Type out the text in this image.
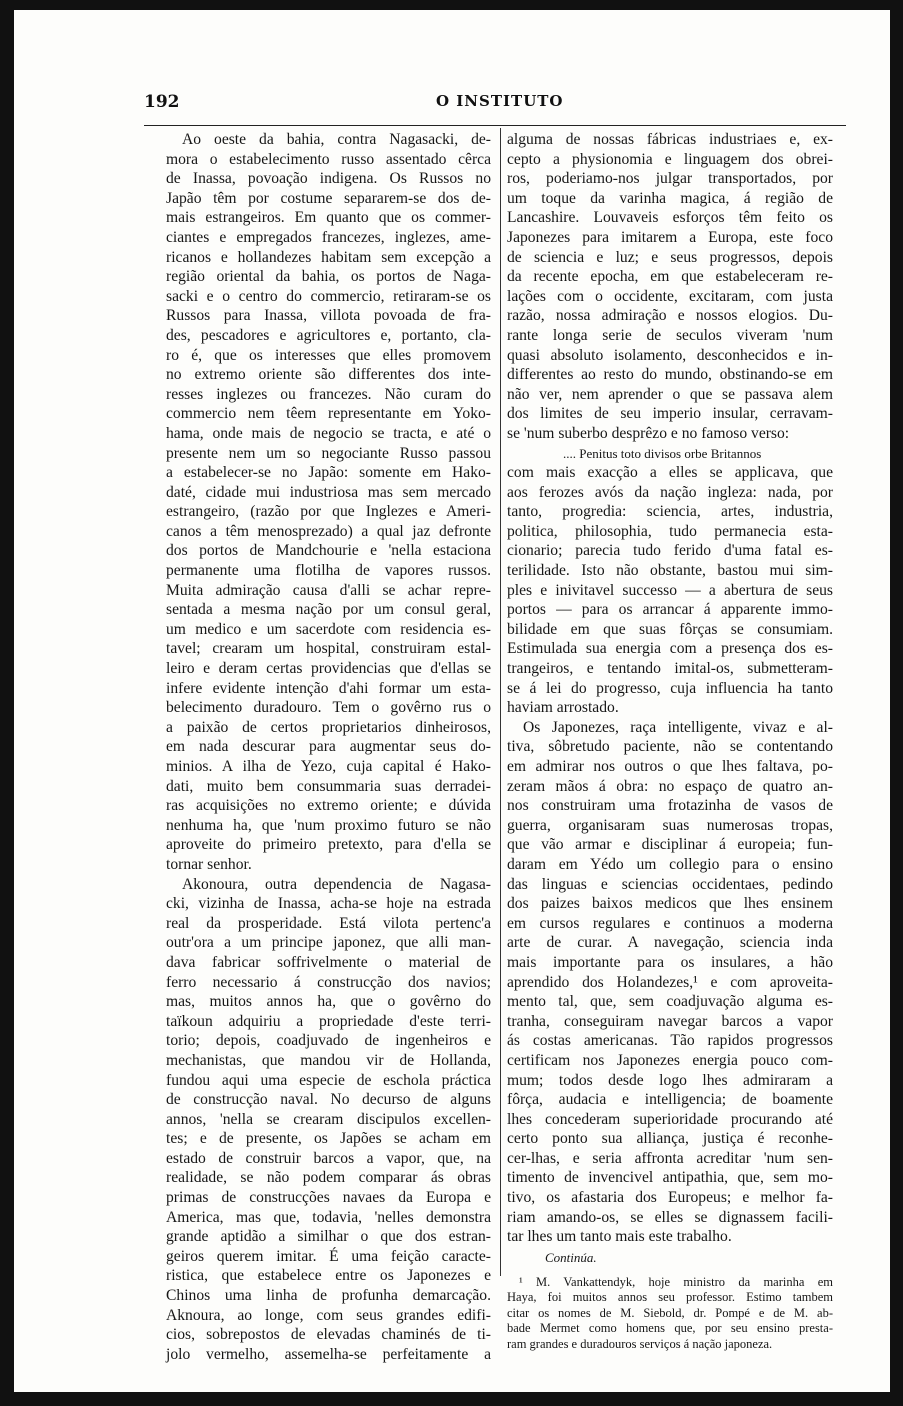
192	O INSTITUTO
Ao oeste da bahia, contra Nagasacki, de-
mora o estabelecimento russo assentado cêrca
de Inassa, povoação indigena. Os Russos no
Japão têm por costume separarem-se dos de-
mais estrangeiros. Em quanto que os commer-
ciantes e empregados francezes, inglezes, ame-
ricanos e hollandezes habitam sem excepção a
região oriental da bahia, os portos de Naga-
sacki e o centro do commercio, retiraram-se os
Russos para Inassa, villota povoada de fra-
des, pescadores e agricultores e, portanto, cla-
ro é, que os interesses que elles promovem
no extremo oriente são differentes dos inte-
resses inglezes ou francezes. Não curam do
commercio nem têem representante em Yoko-
hama, onde mais de negocio se tracta, e até o
presente nem um so negociante Russo passou
a estabelecer-se no Japão: somente em Hako-
daté, cidade mui industriosa mas sem mercado
estrangeiro, (razão por que Inglezes e Ameri-
canos a têm menosprezado) a qual jaz defronte
dos portos de Mandchourie e 'nella estaciona
permanente uma flotilha de vapores russos.
Muita admiração causa d'alli se achar repre-
sentada a mesma nação por um consul geral,
um medico e um sacerdote com residencia es-
tavel; crearam um hospital, construiram estal-
leiro e deram certas providencias que d'ellas se
infere evidente intenção d'ahi formar um esta-
belecimento duradouro. Tem o govêrno rus o
a paixão de certos proprietarios dinheirosos,
em nada descurar para augmentar seus do-
minios. A ilha de Yezo, cuja capital é Hako-
dati, muito bem consummaria suas derradei-
ras acquisições no extremo oriente; e dúvida
nenhuma ha, que 'num proximo futuro se não
aproveite do primeiro pretexto, para d'ella se
tornar senhor.
Akonoura, outra dependencia de Nagasa-
cki, vizinha de Inassa, acha-se hoje na estrada
real da prosperidade. Está vilota pertenc'a
outr'ora a um principe japonez, que alli man-
dava fabricar soffrivelmente o material de
ferro necessario á construcção dos navios;
mas, muitos annos ha, que o govêrno do
taïkoun adquiriu a propriedade d'este terri-
torio; depois, coadjuvado de ingenheiros e
mechanistas, que mandou vir de Hollanda,
fundou aqui uma especie de eschola práctica
de construcção naval. No decurso de alguns
annos, 'nella se crearam discipulos excellen-
tes; e de presente, os Japões se acham em
estado de construir barcos a vapor, que, na
realidade, se não podem comparar ás obras
primas de construcções navaes da Europa e
America, mas que, todavia, 'nelles demonstra
grande aptidão a similhar o que dos estran-
geiros querem imitar. É uma feição caracte-
ristica, que estabelece entre os Japonezes e
Chinos uma linha de profunha demarcação.
Aknoura, ao longe, com seus grandes edifi-
cios, sobrepostos de elevadas chaminés de ti-
jolo vermelho, assemelha-se perfeitamente a
alguma de nossas fábricas industriaes e, ex-
cepto a physionomia e linguagem dos obrei-
ros, poderiamo-nos julgar transportados, por
um toque da varinha magica, á região de
Lancashire. Louvaveis esforços têm feito os
Japonezes para imitarem a Europa, este foco
de sciencia e luz; e seus progressos, depois
da recente epocha, em que estabeleceram re-
lações com o occidente, excitaram, com justa
razão, nossa admiração e nossos elogios. Du-
rante longa serie de seculos viveram 'num
quasi absoluto isolamento, desconhecidos e in-
differentes ao resto do mundo, obstinando-se em
não ver, nem aprender o que se passava alem
dos limites de seu imperio insular, cerravam-
se 'num suberbo desprêzo e no famoso verso:
.... Penitus toto divisos orbe Britannos
com mais exacção a elles se applicava, que
aos ferozes avós da nação ingleza: nada, por
tanto, progredia: sciencia, artes, industria,
politica, philosophia, tudo permanecia esta-
cionario; parecia tudo ferido d'uma fatal es-
terilidade. Isto não obstante, bastou mui sim-
ples e inivitavel successo — a abertura de seus
portos — para os arrancar á apparente immo-
bilidade em que suas fôrças se consumiam.
Estimulada sua energia com a presença dos es-
trangeiros, e tentando imital-os, submetteram-
se á lei do progresso, cuja influencia ha tanto
haviam arrostado.
Os Japonezes, raça intelligente, vivaz e al-
tiva, sôbretudo paciente, não se contentando
em admirar nos outros o que lhes faltava, po-
zeram mãos á obra: no espaço de quatro an-
nos construiram uma frotazinha de vasos de
guerra, organisaram suas numerosas tropas,
que vão armar e disciplinar á europeia; fun-
daram em Yédo um collegio para o ensino
das linguas e sciencias occidentaes, pedindo
dos paizes baixos medicos que lhes ensinem
em cursos regulares e continuos a moderna
arte de curar. A navegação, sciencia inda
mais importante para os insulares, a hão
aprendido dos Holandezes,¹ e com aproveita-
mento tal, que, sem coadjuvação alguma es-
tranha, conseguiram navegar barcos a vapor
ás costas americanas. Tão rapidos progressos
certificam nos Japonezes energia pouco com-
mum; todos desde logo lhes admiraram a
fôrça, audacia e intelligencia; de boamente
lhes concederam superioridade procurando até
certo ponto sua alliança, justiça é reconhe-
cer-lhas, e seria affronta acreditar 'num sen-
timento de invencivel antipathia, que, sem mo-
tivo, os afastaria dos Europeus; e melhor fa-
riam amando-os, se elles se dignassem facili-
tar lhes um tanto mais este trabalho.
Continúa.
¹ M. Vankattendyk, hoje ministro da marinha em
Haya, foi muitos annos seu professor. Estimo tambem
citar os nomes de M. Siebold, dr. Pompé e de M. ab-
bade Mermet como homens que, por seu ensino presta-
ram grandes e duradouros serviços á nação japoneza.
